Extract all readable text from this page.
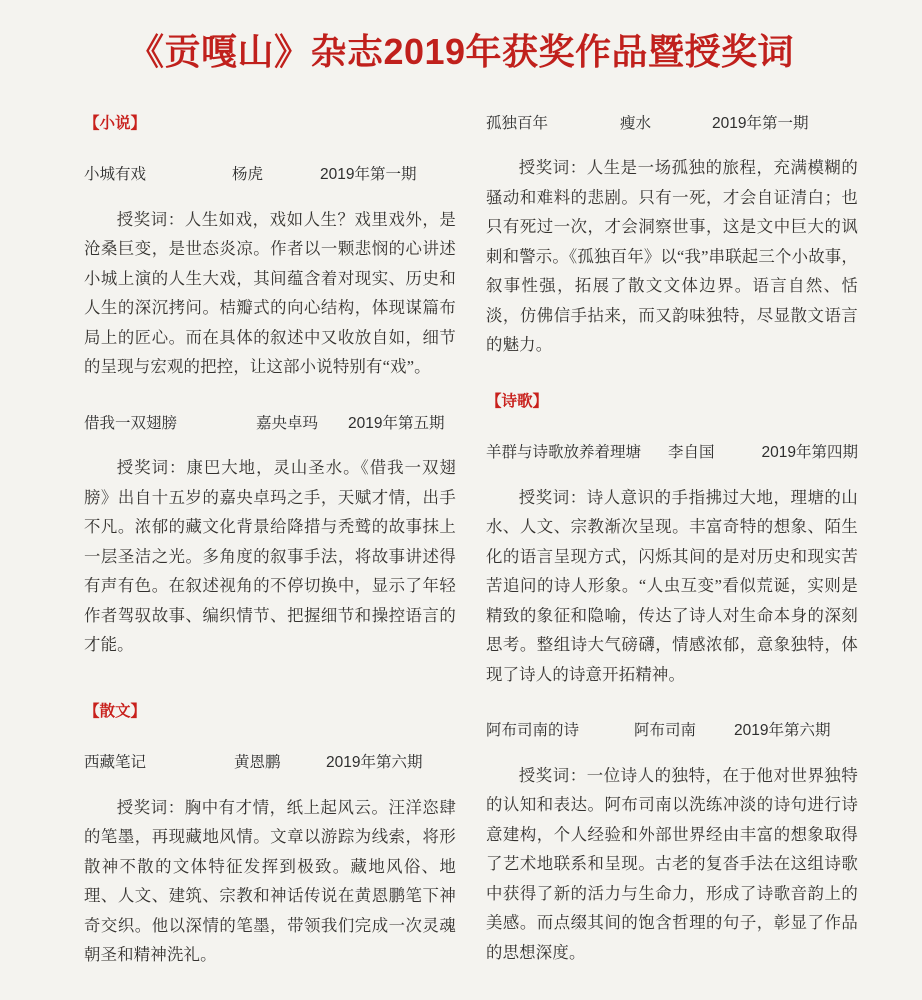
《贡嘎山》杂志2019年获奖作品暨授奖词
【小说】
小城有戏	杨虎	2019年第一期

授奖词：人生如戏，戏如人生？戏里戏外，是沧桑巨变，是世态炎凉。作者以一颗悲悯的心讲述小城上演的人生大戏，其间蕴含着对现实、历史和人生的深沉拷问。桔瓣式的向心结构，体现谋篇布局上的匠心。而在具体的叙述中又收放自如，细节的呈现与宏观的把控，让这部小说特别有“戏”。

借我一双翅膀	嘉央卓玛	2019年第五期

授奖词：康巴大地，灵山圣水。《借我一双翅膀》出自十五岁的嘉央卓玛之手，天赋才情，出手不凡。浓郁的藏文化背景给降措与秃鹫的故事抹上一层圣洁之光。多角度的叙事手法，将故事讲述得有声有色。在叙述视角的不停切换中，显示了年轻作者驾驭故事、编织情节、把握细节和操控语言的才能。

【散文】
西藏笔记	黄恩鹏	2019年第六期

授奖词：胸中有才情，纸上起风云。汪洋恣肆的笔墨，再现藏地风情。文章以游踪为线索，将形散神不散的文体特征发挥到极致。藏地风俗、地理、人文、建筑、宗教和神话传说在黄恩鹏笔下神奇交织。他以深情的笔墨，带领我们完成一次灵魂朝圣和精神洗礼。

孤独百年	瘦水	2019年第一期

授奖词：人生是一场孤独的旅程，充满模糊的骚动和难料的悲剧。只有一死，才会自证清白；也只有死过一次，才会洞察世事，这是文中巨大的讽刺和警示。《孤独百年》以“我”串联起三个小故事，叙事性强，拓展了散文文体边界。语言自然、恬淡，仿佛信手拈来，而又韵味独特，尽显散文语言的魅力。

【诗歌】
羊群与诗歌放养着理塘	李自国	2019年第四期

授奖词：诗人意识的手指拂过大地，理塘的山水、人文、宗教渐次呈现。丰富奇特的想象、陌生化的语言呈现方式，闪烁其间的是对历史和现实苦苦追问的诗人形象。“人虫互变”看似荒诞，实则是精致的象征和隐喻，传达了诗人对生命本身的深刻思考。整组诗大气磅礴，情感浓郁，意象独特，体现了诗人的诗意开拓精神。

阿布司南的诗	阿布司南	2019年第六期

授奖词：一位诗人的独特，在于他对世界独特的认知和表达。阿布司南以洗练冲淡的诗句进行诗意建构，个人经验和外部世界经由丰富的想象取得了艺术地联系和呈现。古老的复沓手法在这组诗歌中获得了新的活力与生命力，形成了诗歌音韵上的美感。而点缀其间的饱含哲理的句子，彰显了作品的思想深度。
